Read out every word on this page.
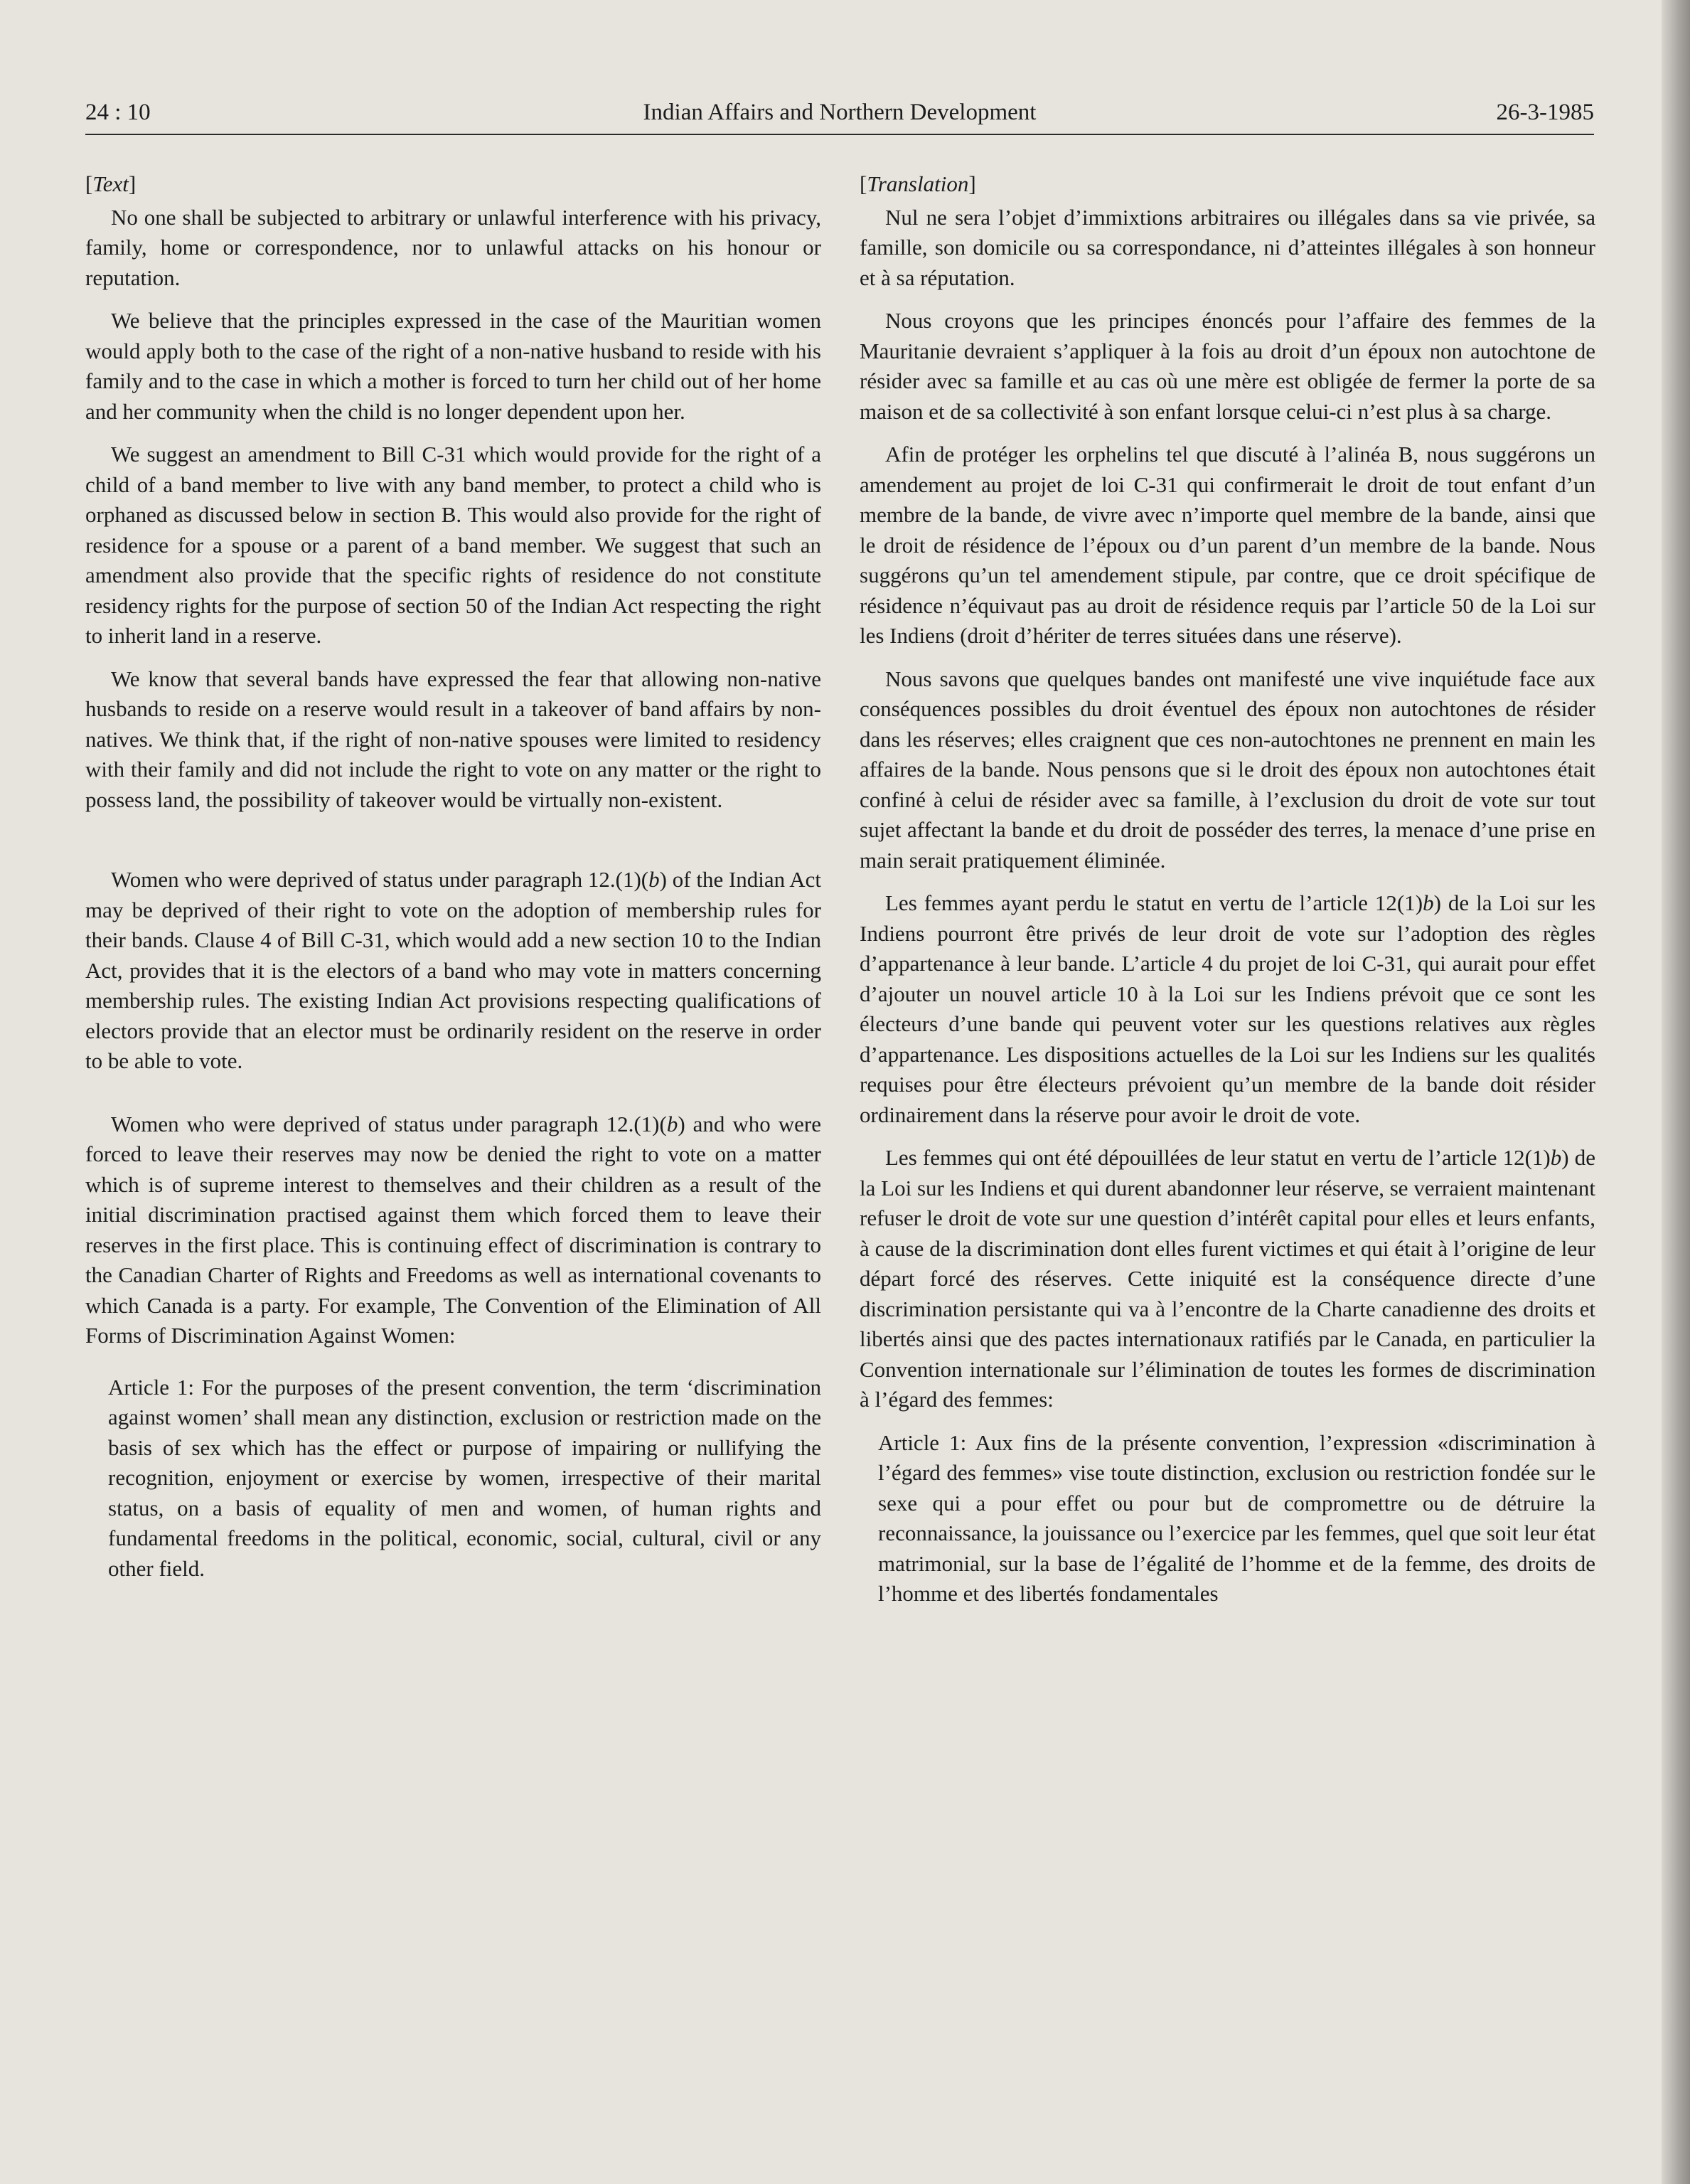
24 : 10	Indian Affairs and Northern Development	26-3-1985

[Text]

No one shall be subjected to arbitrary or unlawful interference with his privacy, family, home or correspondence, nor to unlawful attacks on his honour or reputation.

We believe that the principles expressed in the case of the Mauritian women would apply both to the case of the right of a non-native husband to reside with his family and to the case in which a mother is forced to turn her child out of her home and her community when the child is no longer dependent upon her.

We suggest an amendment to Bill C-31 which would provide for the right of a child of a band member to live with any band member, to protect a child who is orphaned as discussed below in section B. This would also provide for the right of residence for a spouse or a parent of a band member. We suggest that such an amendment also provide that the specific rights of residence do not constitute residency rights for the purpose of section 50 of the Indian Act respecting the right to inherit land in a reserve.

We know that several bands have expressed the fear that allowing non-native husbands to reside on a reserve would result in a takeover of band affairs by non-natives. We think that, if the right of non-native spouses were limited to residency with their family and did not include the right to vote on any matter or the right to possess land, the possibility of takeover would be virtually non-existent.

Women who were deprived of status under paragraph 12.(1)(b) of the Indian Act may be deprived of their right to vote on the adoption of membership rules for their bands. Clause 4 of Bill C-31, which would add a new section 10 to the Indian Act, provides that it is the electors of a band who may vote in matters concerning membership rules. The existing Indian Act provisions respecting qualifications of electors provide that an elector must be ordinarily resident on the reserve in order to be able to vote.

Women who were deprived of status under paragraph 12.(1)(b) and who were forced to leave their reserves may now be denied the right to vote on a matter which is of supreme interest to themselves and their children as a result of the initial discrimination practised against them which forced them to leave their reserves in the first place. This is continuing effect of discrimination is contrary to the Canadian Charter of Rights and Freedoms as well as international covenants to which Canada is a party. For example, The Convention of the Elimination of All Forms of Discrimination Against Women:

Article 1: For the purposes of the present convention, the term ‘discrimination against women’ shall mean any distinction, exclusion or restriction made on the basis of sex which has the effect or purpose of impairing or nullifying the recognition, enjoyment or exercise by women, irrespective of their marital status, on a basis of equality of men and women, of human rights and fundamental freedoms in the political, economic, social, cultural, civil or any other field.

[Translation]

Nul ne sera l’objet d’immixtions arbitraires ou illégales dans sa vie privée, sa famille, son domicile ou sa correspondance, ni d’atteintes illégales à son honneur et à sa réputation.

Nous croyons que les principes énoncés pour l’affaire des femmes de la Mauritanie devraient s’appliquer à la fois au droit d’un époux non autochtone de résider avec sa famille et au cas où une mère est obligée de fermer la porte de sa maison et de sa collectivité à son enfant lorsque celui-ci n’est plus à sa charge.

Afin de protéger les orphelins tel que discuté à l’alinéa B, nous suggérons un amendement au projet de loi C-31 qui confirmerait le droit de tout enfant d’un membre de la bande, de vivre avec n’importe quel membre de la bande, ainsi que le droit de résidence de l’époux ou d’un parent d’un membre de la bande. Nous suggérons qu’un tel amendement stipule, par contre, que ce droit spécifique de résidence n’équivaut pas au droit de résidence requis par l’article 50 de la Loi sur les Indiens (droit d’hériter de terres situées dans une réserve).

Nous savons que quelques bandes ont manifesté une vive inquiétude face aux conséquences possibles du droit éventuel des époux non autochtones de résider dans les réserves; elles craignent que ces non-autochtones ne prennent en main les affaires de la bande. Nous pensons que si le droit des époux non autochtones était confiné à celui de résider avec sa famille, à l’exclusion du droit de vote sur tout sujet affectant la bande et du droit de posséder des terres, la menace d’une prise en main serait pratiquement éliminée.

Les femmes ayant perdu le statut en vertu de l’article 12(1)b) de la Loi sur les Indiens pourront être privés de leur droit de vote sur l’adoption des règles d’appartenance à leur bande. L’article 4 du projet de loi C-31, qui aurait pour effet d’ajouter un nouvel article 10 à la Loi sur les Indiens prévoit que ce sont les électeurs d’une bande qui peuvent voter sur les questions relatives aux règles d’appartenance. Les dispositions actuelles de la Loi sur les Indiens sur les qualités requises pour être électeurs prévoient qu’un membre de la bande doit résider ordinairement dans la réserve pour avoir le droit de vote.

Les femmes qui ont été dépouillées de leur statut en vertu de l’article 12(1)b) de la Loi sur les Indiens et qui durent abandonner leur réserve, se verraient maintenant refuser le droit de vote sur une question d’intérêt capital pour elles et leurs enfants, à cause de la discrimination dont elles furent victimes et qui était à l’origine de leur départ forcé des réserves. Cette iniquité est la conséquence directe d’une discrimination persistante qui va à l’encontre de la Charte canadienne des droits et libertés ainsi que des pactes internationaux ratifiés par le Canada, en particulier la Convention internationale sur l’élimination de toutes les formes de discrimination à l’égard des femmes:

Article 1: Aux fins de la présente convention, l’expression «discrimination à l’égard des femmes» vise toute distinction, exclusion ou restriction fondée sur le sexe qui a pour effet ou pour but de compromettre ou de détruire la reconnaissance, la jouissance ou l’exercice par les femmes, quel que soit leur état matrimonial, sur la base de l’égalité de l’homme et de la femme, des droits de l’homme et des libertés fondamentales
